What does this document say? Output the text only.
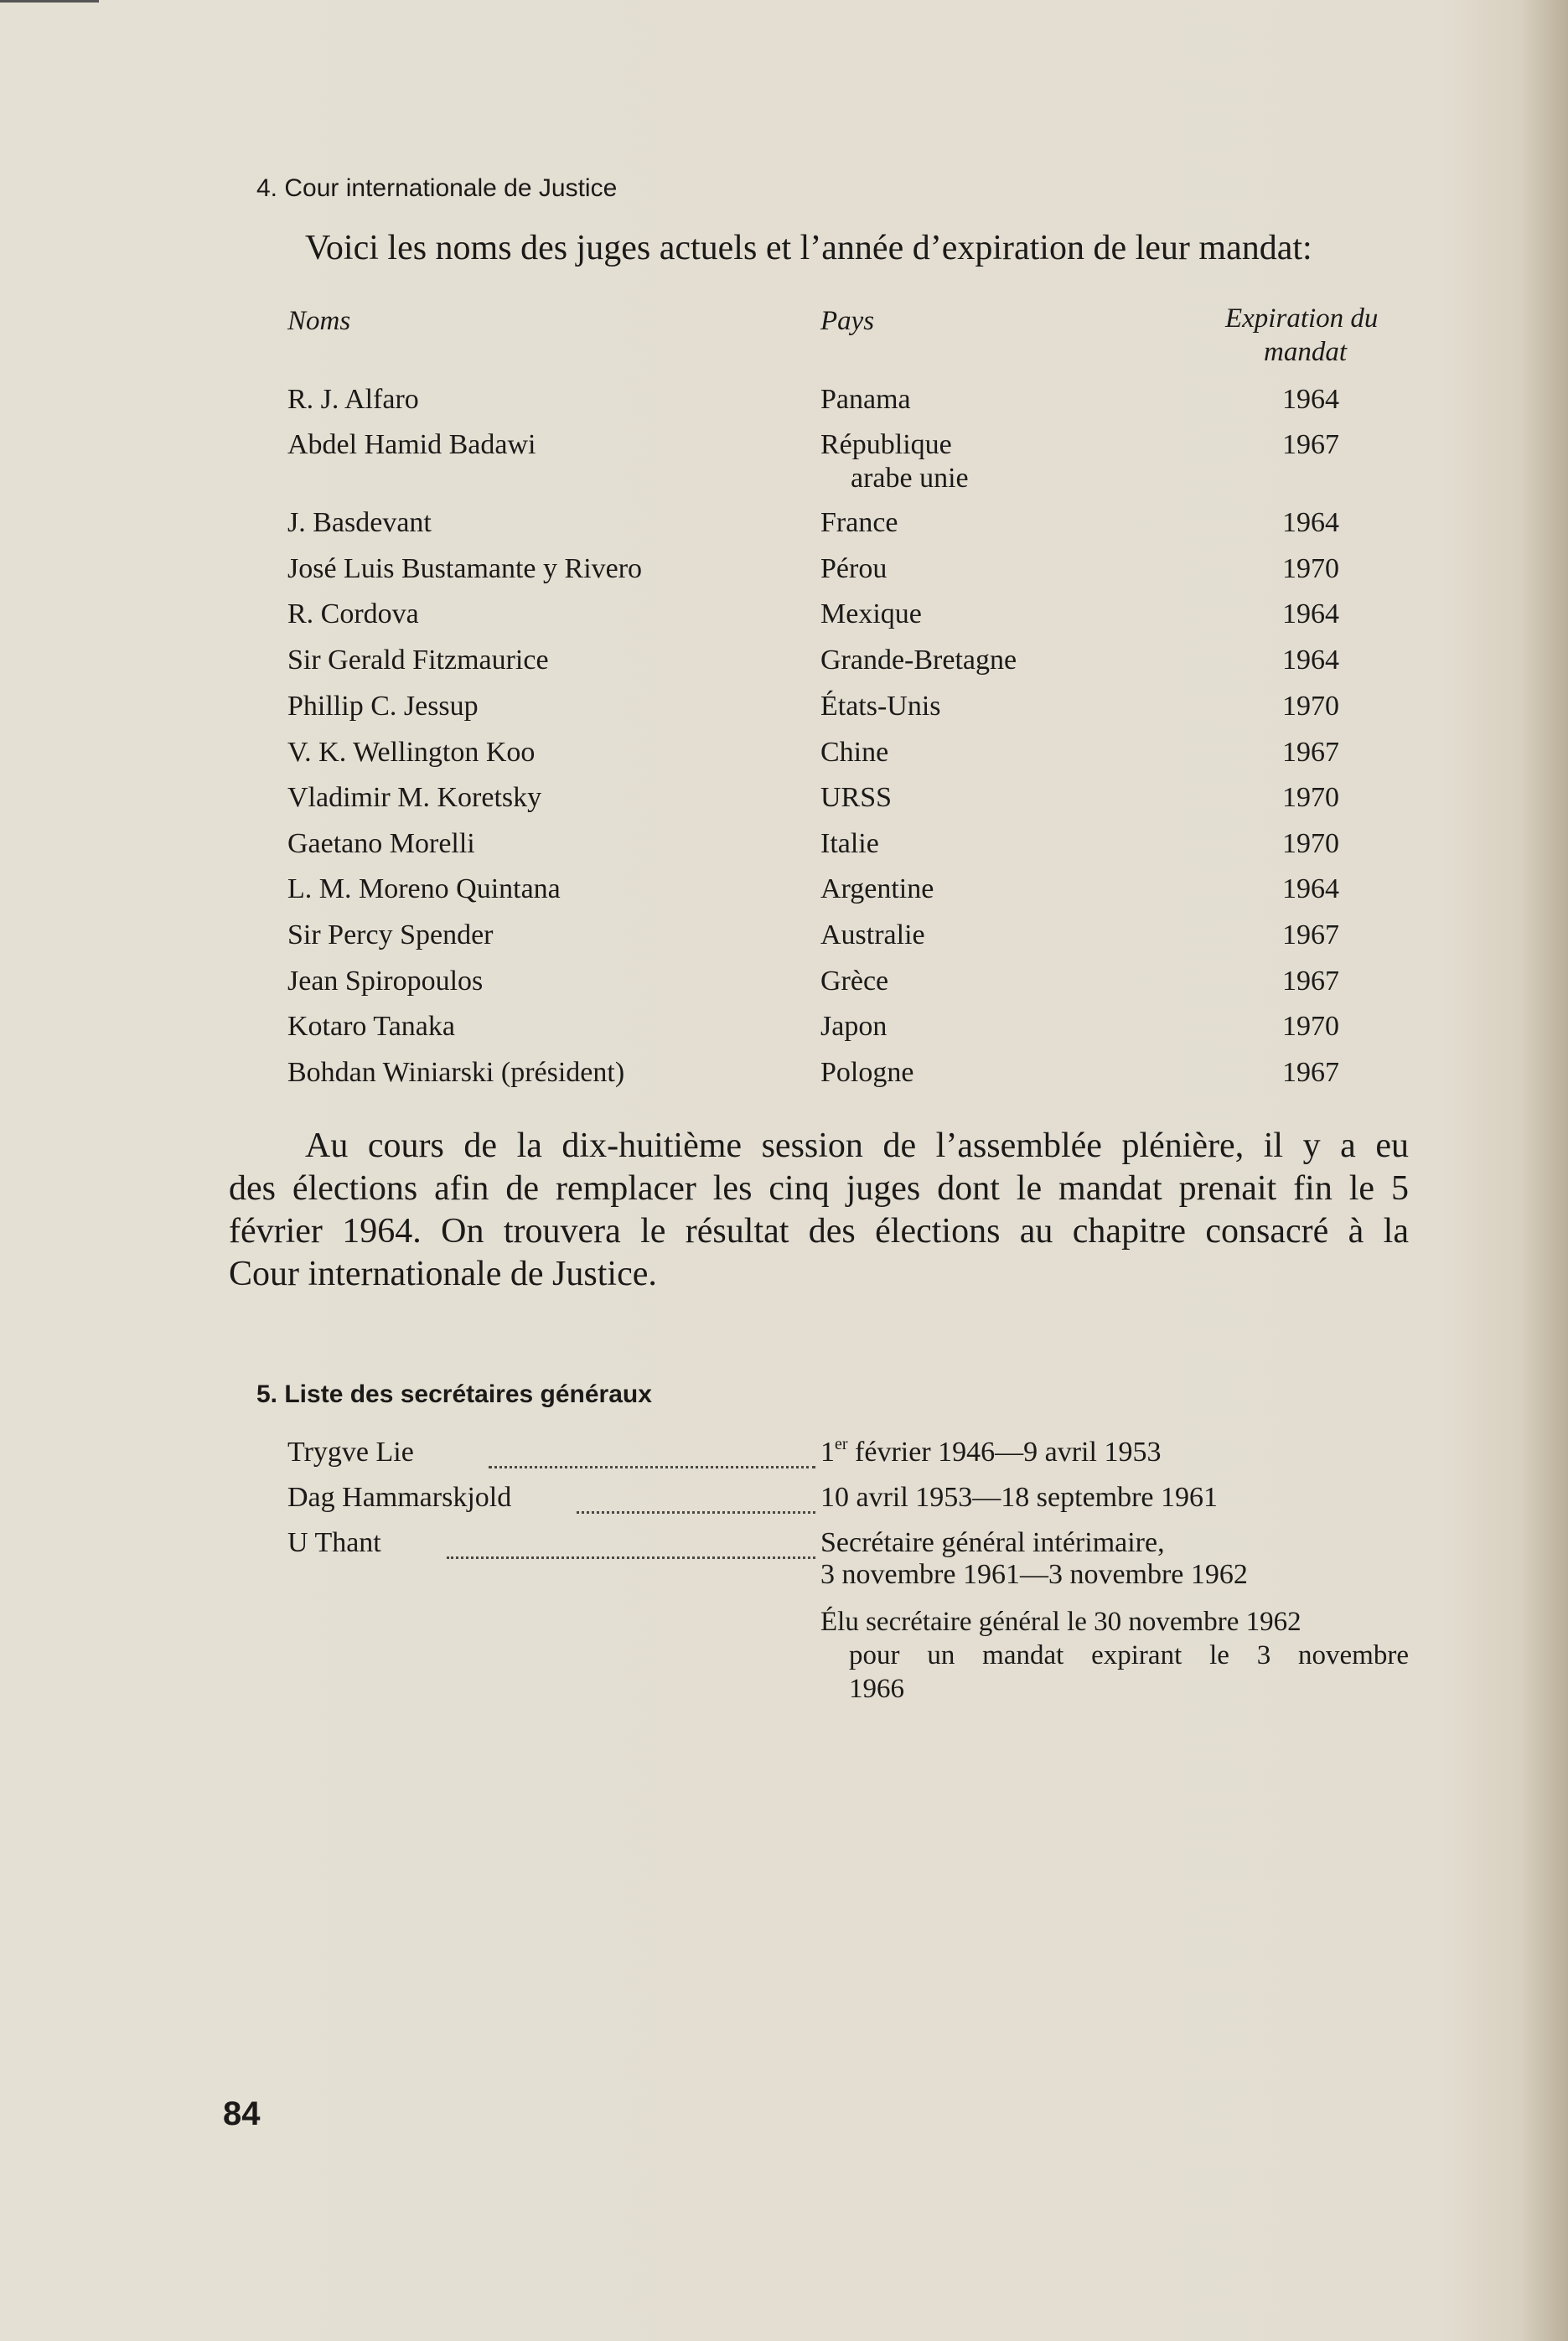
4. Cour internationale de Justice
Voici les noms des juges actuels et l’année d’expiration de leur mandat:
Noms	Pays	Expiration du
mandat
R. J. Alfaro	Panama	1964
Abdel Hamid Badawi	République	1967
arabe unie
J. Basdevant	France	1964
José Luis Bustamante y Rivero	Pérou	1970
R. Cordova	Mexique	1964
Sir Gerald Fitzmaurice	Grande-Bretagne	1964
Phillip C. Jessup	États-Unis	1970
V. K. Wellington Koo	Chine	1967
Vladimir M. Koretsky	URSS	1970
Gaetano Morelli	Italie	1970
L. M. Moreno Quintana	Argentine	1964
Sir Percy Spender	Australie	1967
Jean Spiropoulos	Grèce	1967
Kotaro Tanaka	Japon	1970
Bohdan Winiarski (président)	Pologne	1967
Au cours de la dix-huitième session de l’assemblée plénière, il y a eu
des élections afin de remplacer les cinq juges dont le mandat prenait fin le 5
février 1964. On trouvera le résultat des élections au chapitre consacré à la
Cour internationale de Justice.
5. Liste des secrétaires généraux
Trygve Lie	1er février 1946—9 avril 1953
Dag Hammarskjold	10 avril 1953—18 septembre 1961
U Thant	Secrétaire général intérimaire,
3 novembre 1961—3 novembre 1962
Élu secrétaire général le 30 novembre 1962
pour un mandat expirant le 3 novembre
1966
84
